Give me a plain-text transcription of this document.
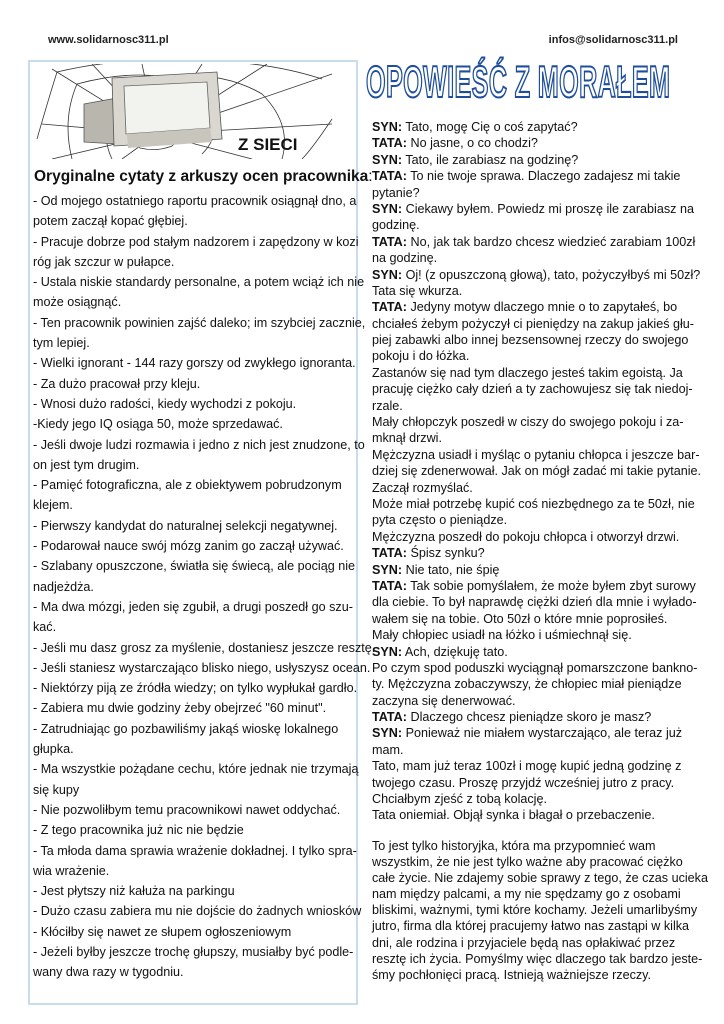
www.solidarnosc311.pl	infos@solidarnosc311.pl
Z SIECI
Oryginalne cytaty z arkuszy ocen pracownika:
- Od mojego ostatniego raportu pracownik osiągnął dno, a
potem zaczął kopać głębiej.
- Pracuje dobrze pod stałym nadzorem i zapędzony w kozi
róg jak szczur w pułapce.
- Ustala niskie standardy personalne, a potem wciąż ich nie
może osiągnąć.
- Ten pracownik powinien zajść daleko; im szybciej zacznie,
tym lepiej.
- Wielki ignorant - 144 razy gorszy od zwykłego ignoranta.
- Za dużo pracował przy kleju.
- Wnosi dużo radości, kiedy wychodzi z pokoju.
-Kiedy jego IQ osiąga 50, może sprzedawać.
- Jeśli dwoje ludzi rozmawia i jedno z nich jest znudzone, to
on jest tym drugim.
- Pamięć fotograficzna, ale z obiektywem pobrudzonym
klejem.
- Pierwszy kandydat do naturalnej selekcji negatywnej.
- Podarował nauce swój mózg zanim go zaczął używać.
- Szlabany opuszczone, światła się świecą, ale pociąg nie
nadjeżdża.
- Ma dwa mózgi, jeden się zgubił, a drugi poszedł go szu-
kać.
- Jeśli mu dasz grosz za myślenie, dostaniesz jeszcze resztę.
- Jeśli staniesz wystarczająco blisko niego, usłyszysz ocean.
- Niektórzy piją ze źródła wiedzy; on tylko wypłukał gardło.
- Zabiera mu dwie godziny żeby obejrzeć "60 minut".
- Zatrudniając go pozbawiliśmy jakąś wioskę lokalnego
głupka.
- Ma wszystkie pożądane cechu, które jednak nie trzymają
się kupy
- Nie pozwoliłbym temu pracownikowi nawet oddychać.
- Z tego pracownika już nic nie będzie
- Ta młoda dama sprawia wrażenie dokładnej. I tylko spra-
wia wrażenie.
- Jest płytszy niż kałuża na parkingu
- Dużo czasu zabiera mu nie dojście do żadnych wniosków
- Kłóciłby się nawet ze słupem ogłoszeniowym
- Jeżeli byłby jeszcze trochę głupszy, musiałby być podle-
wany dwa razy w tygodniu.
OPOWIEŚĆ Z MORAŁEM
SYN: Tato, mogę Cię o coś zapytać?
TATA: No jasne, o co chodzi?
SYN: Tato, ile zarabiasz na godzinę?
TATA: To nie twoje sprawa. Dlaczego zadajesz mi takie
pytanie?
SYN: Ciekawy byłem. Powiedz mi proszę ile zarabiasz na
godzinę.
TATA: No, jak tak bardzo chcesz wiedzieć zarabiam 100zł
na godzinę.
SYN: Oj! (z opuszczoną głową), tato, pożyczyłbyś mi 50zł?
Tata się wkurza.
TATA: Jedyny motyw dlaczego mnie o to zapytałeś, bo
chciałeś żebym pożyczył ci pieniędzy na zakup jakieś głu-
piej zabawki albo innej bezsensownej rzeczy do swojego
pokoju i do łóżka.
Zastanów się nad tym dlaczego jesteś takim egoistą. Ja
pracuję ciężko cały dzień a ty zachowujesz się tak niedoj-
rzale.
Mały chłopczyk poszedł w ciszy do swojego pokoju i za-
mknął drzwi.
Mężczyzna usiadł i myśląc o pytaniu chłopca i jeszcze bar-
dziej się zdenerwował. Jak on mógł zadać mi takie pytanie.
Zaczął rozmyślać.
Może miał potrzebę kupić coś niezbędnego za te 50zł, nie
pyta często o pieniądze.
Mężczyzna poszedł do pokoju chłopca i otworzył drzwi.
TATA: Śpisz synku?
SYN: Nie tato, nie śpię
TATA: Tak sobie pomyślałem, że może byłem zbyt surowy
dla ciebie. To był naprawdę ciężki dzień dla mnie i wyłado-
wałem się na tobie. Oto 50zł o które mnie poprosiłeś.
Mały chłopiec usiadł na łóżko i uśmiechnął się.
SYN: Ach, dziękuję tato.
Po czym spod poduszki wyciągnął pomarszczone bankno-
ty. Mężczyzna zobaczywszy, że chłopiec miał pieniądze
zaczyna się denerwować.
TATA: Dlaczego chcesz pieniądze skoro je masz?
SYN: Ponieważ nie miałem wystarczająco, ale teraz już
mam.
Tato, mam już teraz 100zł i mogę kupić jedną godzinę z
twojego czasu. Proszę przyjdź wcześniej jutro z pracy.
Chciałbym zjeść z tobą kolację.
Tata oniemiał. Objął synka i błagał o przebaczenie.
To jest tylko historyjka, która ma przypomnieć wam
wszystkim, że nie jest tylko ważne aby pracować ciężko
całe życie. Nie zdajemy sobie sprawy z tego, że czas ucieka
nam między palcami, a my nie spędzamy go z osobami
bliskimi, ważnymi, tymi które kochamy. Jeżeli umarlibyśmy
jutro, firma dla której pracujemy łatwo nas zastąpi w kilka
dni, ale rodzina i przyjaciele będą nas opłakiwać przez
resztę ich życia. Pomyślmy więc dlaczego tak bardzo jeste-
śmy pochłonięci pracą. Istnieją ważniejsze rzeczy.
